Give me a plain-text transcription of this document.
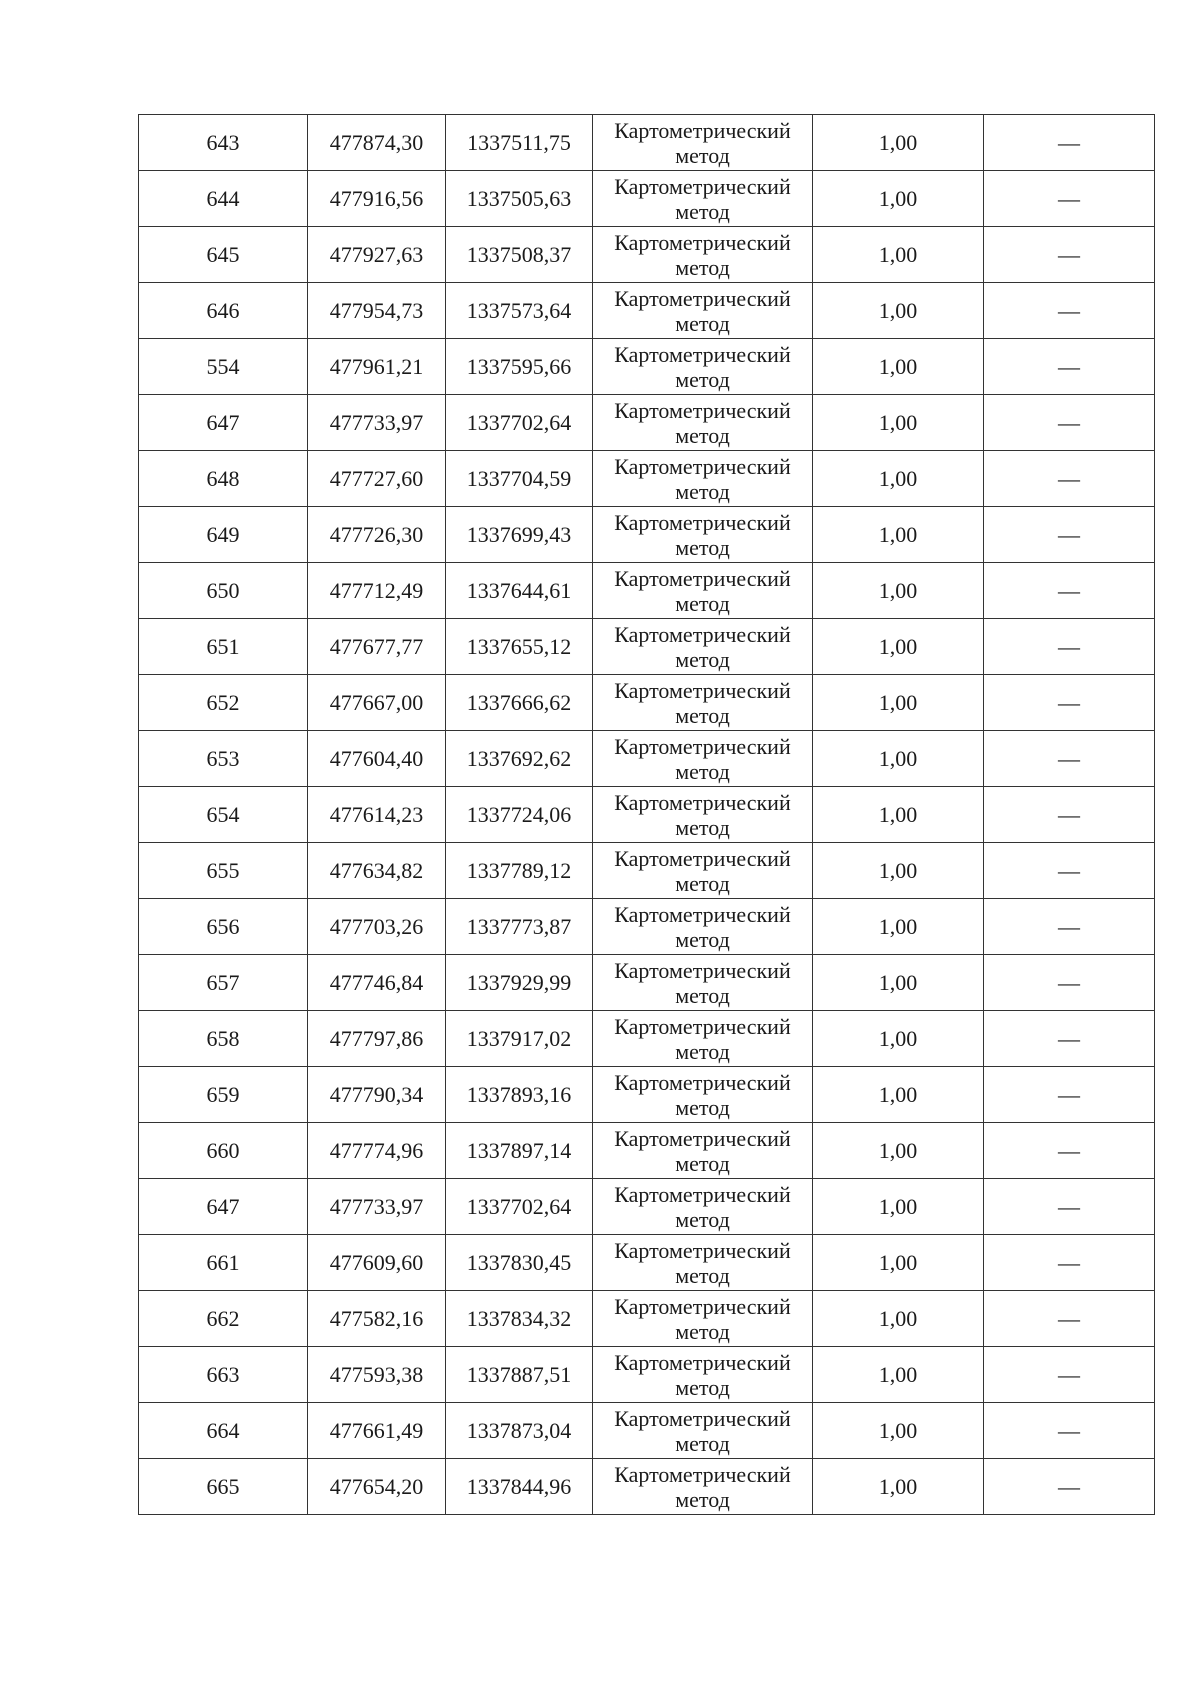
643	477874,30	1337511,75	Картометрический метод	1,00	—
644	477916,56	1337505,63	Картометрический метод	1,00	—
645	477927,63	1337508,37	Картометрический метод	1,00	—
646	477954,73	1337573,64	Картометрический метод	1,00	—
554	477961,21	1337595,66	Картометрический метод	1,00	—
647	477733,97	1337702,64	Картометрический метод	1,00	—
648	477727,60	1337704,59	Картометрический метод	1,00	—
649	477726,30	1337699,43	Картометрический метод	1,00	—
650	477712,49	1337644,61	Картометрический метод	1,00	—
651	477677,77	1337655,12	Картометрический метод	1,00	—
652	477667,00	1337666,62	Картометрический метод	1,00	—
653	477604,40	1337692,62	Картометрический метод	1,00	—
654	477614,23	1337724,06	Картометрический метод	1,00	—
655	477634,82	1337789,12	Картометрический метод	1,00	—
656	477703,26	1337773,87	Картометрический метод	1,00	—
657	477746,84	1337929,99	Картометрический метод	1,00	—
658	477797,86	1337917,02	Картометрический метод	1,00	—
659	477790,34	1337893,16	Картометрический метод	1,00	—
660	477774,96	1337897,14	Картометрический метод	1,00	—
647	477733,97	1337702,64	Картометрический метод	1,00	—
661	477609,60	1337830,45	Картометрический метод	1,00	—
662	477582,16	1337834,32	Картометрический метод	1,00	—
663	477593,38	1337887,51	Картометрический метод	1,00	—
664	477661,49	1337873,04	Картометрический метод	1,00	—
665	477654,20	1337844,96	Картометрический метод	1,00	—
